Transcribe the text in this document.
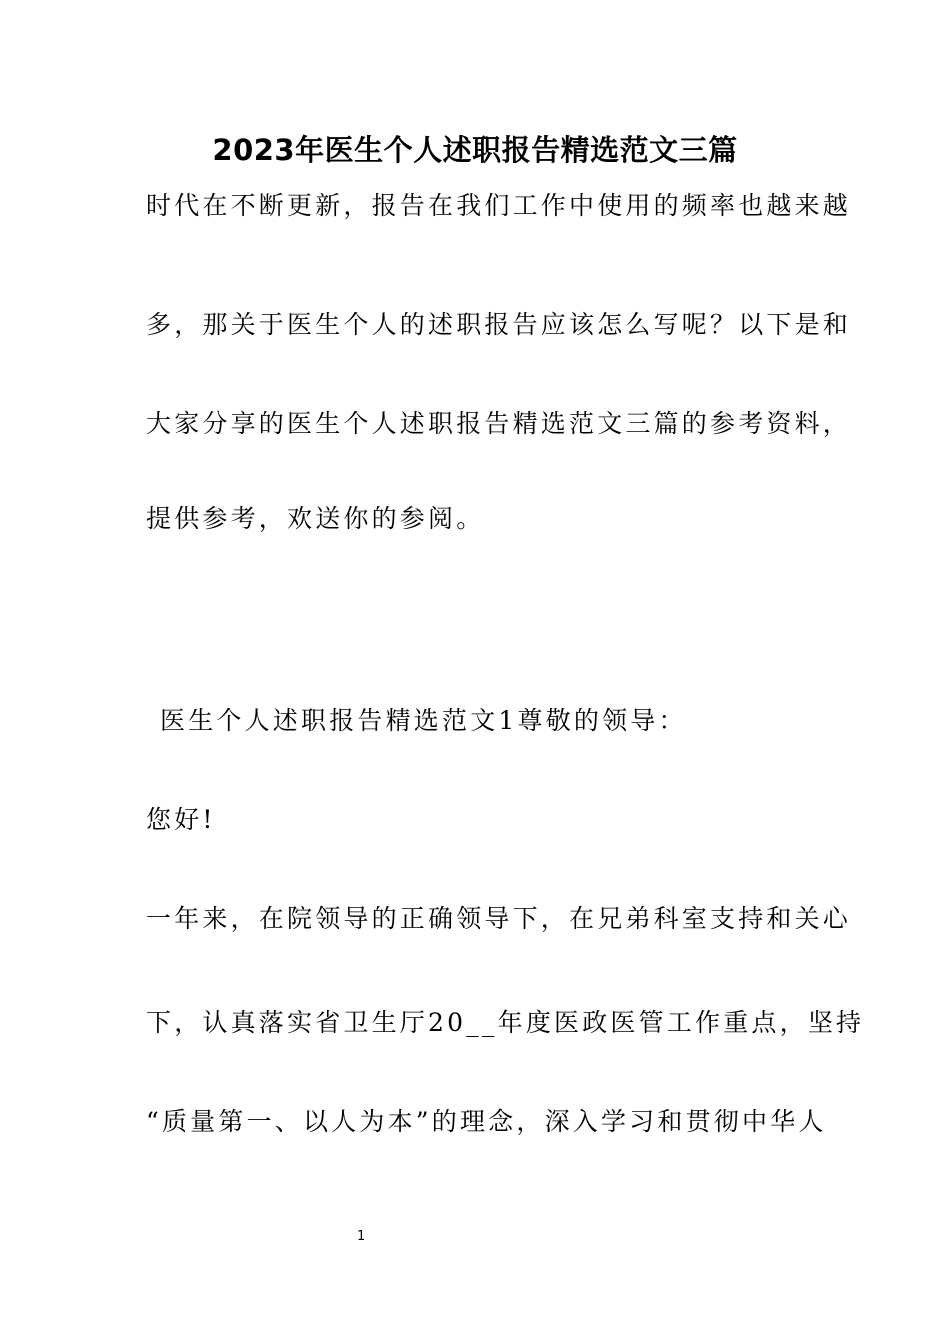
2023年医生个人述职报告精选范文三篇
时代在不断更新，报告在我们工作中使用的频率也越来越
多，那关于医生个人的述职报告应该怎么写呢？以下是和
大家分享的医生个人述职报告精选范文三篇的参考资料，
提供参考，欢送你的参阅。
医生个人述职报告精选范文1尊敬的领导：
您好!
一年来，在院领导的正确领导下，在兄弟科室支持和关心
下，认真落实省卫生厅20__年度医政医管工作重点，坚持
“质量第一、以人为本”的理念，深入学习和贯彻中华人
1
